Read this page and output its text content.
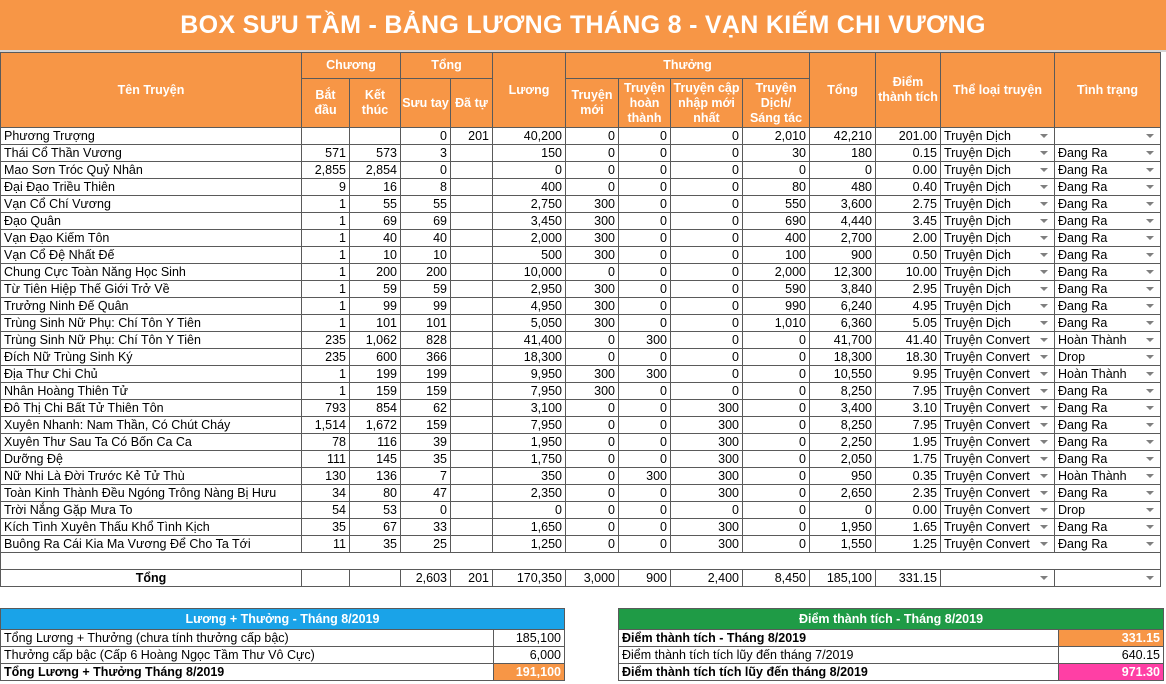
BOX SƯU TẦM - BẢNG LƯƠNG THÁNG 8 - VẠN KIẾM CHI VƯƠNG
Tên Truyện	Chương		Tổng		Lương	Thưởng				Tổng	Điểm thành tích	Thể loại truyện	Tình trạng
	Bắt đầu	Kết thúc	Sưu tay	Đã tự		Truyện mới	Truyện hoàn thành	Truyện cập nhập mới nhất	Truyện Dịch/ Sáng tác				
Phương Trượng			0	201	40,200	0	0	0	2,010	42,210	201.00	Truyện Dịch

Thái Cổ Thần Vương	571	573	3		150	0	0	0	30	180	0.15	Truyện Dịch	Đang Ra

Mao Sơn Tróc Quỷ Nhân	2,855	2,854	0		0	0	0	0	0	0	0.00	Truyện Dịch	Đang Ra

Đại Đạo Triều Thiên	9	16	8		400	0	0	0	80	480	0.40	Truyện Dịch	Đang Ra

Vạn Cổ Chí Vương	1	55	55		2,750	300	0	0	550	3,600	2.75	Truyện Dịch	Đang Ra

Đạo Quân	1	69	69		3,450	300	0	0	690	4,440	3.45	Truyện Dịch	Đang Ra

Vạn Đạo Kiếm Tôn	1	40	40		2,000	300	0	0	400	2,700	2.00	Truyện Dịch	Đang Ra

Vạn Cổ Đệ Nhất Đế	1	10	10		500	300	0	0	100	900	0.50	Truyện Dịch	Đang Ra

Chung Cực Toàn Năng Học Sinh	1	200	200		10,000	0	0	0	2,000	12,300	10.00	Truyện Dịch	Đang Ra

Từ Tiên Hiệp Thế Giới Trở Về	1	59	59		2,950	300	0	0	590	3,840	2.95	Truyện Dịch	Đang Ra

Trưởng Ninh Đế Quân	1	99	99		4,950	300	0	0	990	6,240	4.95	Truyện Dịch	Đang Ra

Trùng Sinh Nữ Phụ: Chí Tôn Y Tiên	1	101	101		5,050	300	0	0	1,010	6,360	5.05	Truyện Dịch	Đang Ra

Trùng Sinh Nữ Phụ: Chí Tôn Y Tiên	235	1,062	828		41,400	0	300	0	0	41,700	41.40	Truyện Convert	Hoàn Thành

Đích Nữ Trùng Sinh Ký	235	600	366		18,300	0	0	0	0	18,300	18.30	Truyện Convert	Drop

Địa Thư Chi Chủ	1	199	199		9,950	300	300	0	0	10,550	9.95	Truyện Convert	Hoàn Thành

Nhân Hoàng Thiên Tử	1	159	159		7,950	300	0	0	0	8,250	7.95	Truyện Convert	Đang Ra

Đô Thị Chi Bất Tử Thiên Tôn	793	854	62		3,100	0	0	300	0	3,400	3.10	Truyện Convert	Đang Ra

Xuyên Nhanh: Nam Thần, Có Chút Cháy	1,514	1,672	159		7,950	0	0	300	0	8,250	7.95	Truyện Convert	Đang Ra

Xuyên Thư Sau Ta Có Bốn Ca Ca	78	116	39		1,950	0	0	300	0	2,250	1.95	Truyện Convert	Đang Ra

Dưỡng Đệ	111	145	35		1,750	0	0	300	0	2,050	1.75	Truyện Convert	Đang Ra

Nữ Nhi Là Đời Trước Kẻ Tử Thù	130	136	7		350	0	300	300	0	950	0.35	Truyện Convert	Hoàn Thành

Toàn Kinh Thành Đều Ngóng Trông Nàng Bị Hưu	34	80	47		2,350	0	0	300	0	2,650	2.35	Truyện Convert	Đang Ra

Trời Nắng Gặp Mưa To	54	53	0		0	0	0	0	0	0	0.00	Truyện Convert	Drop

Kích Tình Xuyên Thấu Khổ Tình Kịch	35	67	33		1,650	0	0	300	0	1,950	1.65	Truyện Convert	Đang Ra

Buông Ra Cái Kia Ma Vương Để Cho Ta Tới	11	35	25		1,250	0	0	300	0	1,550	1.25	Truyện Convert	Đang Ra

Tổng			2,603	201	170,350	3,000	900	2,400	8,450	185,100	331.15	

Lương + Thưởng - Tháng 8/2019	
Tổng Lương + Thưởng (chưa tính thưởng cấp bậc)	185,100
Thưởng cấp bậc (Cấp 6 Hoàng Ngọc Tầm Thư Vô Cực)	6,000
Tổng Lương + Thưởng Tháng 8/2019	191,100
Điểm thành tích - Tháng 8/2019	
Điểm thành tích - Tháng 8/2019	331.15
Điểm thành tích tích lũy đến tháng 7/2019	640.15
Điểm thành tích tích lũy đến tháng 8/2019	971.30
